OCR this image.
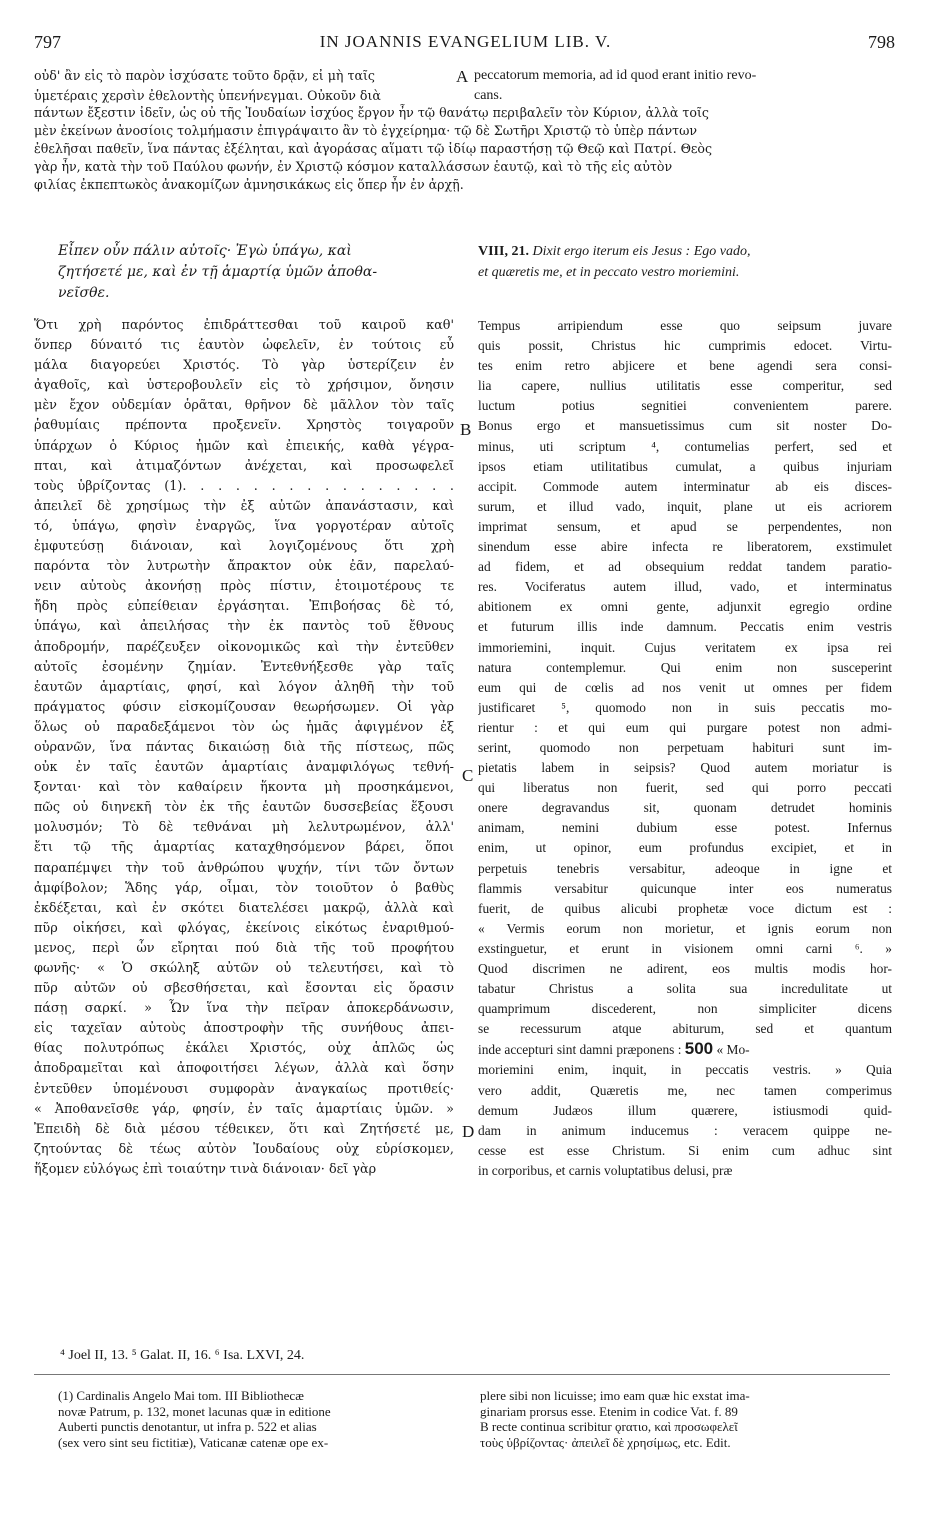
797	IN JOANNIS EVANGELIUM LIB. V.	798
οὐδ' ἂν εἰς τὸ παρὸν ἰσχύσατε τοῦτο δρᾷν, εἰ μὴ ταῖς
ὑμετέραις χερσὶν ἐθελοντὴς ὑπενήνεγμαι. Οὐκοῦν διὰ
A peccatorum memoria, ad id quod erant initio revo-
cans.
πάντων ἔξεστιν ἰδεῖν, ὡς οὐ τῆς Ἰουδαίων ἰσχύος ἔργον ἦν τῷ θανάτῳ περιβαλεῖν τὸν Κύριον, ἀλλὰ τοῖς
μὲν ἐκείνων ἀνοσίοις τολμήμασιν ἐπιγράψαιτο ἂν τὸ ἐγχείρημα· τῷ δὲ Σωτῆρι Χριστῷ τὸ ὑπὲρ πάντων
ἐθελῆσαι παθεῖν, ἵνα πάντας ἐξέληται, καὶ ἀγοράσας αἵματι τῷ ἰδίῳ παραστήσῃ τῷ Θεῷ καὶ Πατρί. Θεὸς
γὰρ ἦν, κατὰ τὴν τοῦ Παύλου φωνήν, ἐν Χριστῷ κόσμον καταλλάσσων ἑαυτῷ, καὶ τὸ τῆς εἰς αὐτὸν
φιλίας ἐκπεπτωκὸς ἀνακομίζων ἀμνησικάκως εἰς ὅπερ ἦν ἐν ἀρχῇ.
Εἶπεν οὖν πάλιν αὐτοῖς· Ἐγὼ ὑπάγω, καὶ
ζητήσετέ με, καὶ ἐν τῇ ἁμαρτίᾳ ὑμῶν ἀποθα-
νεῖσθε.
VIII, 21. Dixit ergo iterum eis Jesus : Ego vado,
et quæretis me, et in peccato vestro moriemini.
Ὅτι χρὴ παρόντος ἐπιδράττεσθαι τοῦ καιροῦ καθ'
ὅνπερ δύναιτό τις ἑαυτὸν ὠφελεῖν, ἐν τούτοις εὖ
μάλα διαγορεύει Χριστός. Τὸ γὰρ ὑστερίζειν ἐν
ἀγαθοῖς, καὶ ὑστεροβουλεῖν εἰς τὸ χρήσιμον, ὄνησιν
μὲν ἔχον οὐδεμίαν ὁρᾶται, θρῆνον δὲ μᾶλλον τὸν ταῖς
ῥαθυμίαις πρέποντα προξενεῖν. Χρηστὸς τοιγαροῦν
ὑπάρχων ὁ Κύριος ἡμῶν καὶ ἐπιεικής, καθὰ γέγρα-
πται, καὶ ἀτιμαζόντων ἀνέχεται, καὶ προσωφελεῖ
τοὺς ὑβρίζοντας (1). . . . . . . . . . . . . . . .
ἀπειλεῖ δὲ χρησίμως τὴν ἐξ αὐτῶν ἀπανάστασιν, καὶ
τό, ὑπάγω, φησὶν ἐναργῶς, ἵνα γοργοτέραν αὐτοῖς
ἐμφυτεύσῃ διάνοιαν, καὶ λογιζομένους ὅτι χρὴ
παρόντα τὸν λυτρωτὴν ἄπρακτον οὐκ ἐᾶν, παρελαύ-
νειν αὐτοὺς ἀκονήσῃ πρὸς πίστιν, ἑτοιμοτέρους τε
ἤδη πρὸς εὐπείθειαν ἐργάσηται. Ἐπιβοήσας δὲ τό,
ὑπάγω, καὶ ἀπειλήσας τὴν ἐκ παντὸς τοῦ ἔθνους
ἀποδρομήν, παρέζευξεν οἰκονομικῶς καὶ τὴν ἐντεῦθεν
αὐτοῖς ἐσομένην ζημίαν. Ἐντεθνήξεσθε γὰρ ταῖς
ἑαυτῶν ἁμαρτίαις, φησί, καὶ λόγον ἀληθῆ τὴν τοῦ
πράγματος φύσιν εἰσκομίζουσαν θεωρήσωμεν. Οἱ γὰρ
ὅλως οὐ παραδεξάμενοι τὸν ὡς ἡμᾶς ἀφιγμένον ἐξ
οὐρανῶν, ἵνα πάντας δικαιώσῃ διὰ τῆς πίστεως, πῶς
οὐκ ἐν ταῖς ἑαυτῶν ἁμαρτίαις ἀναμφιλόγως τεθνή-
ξονται· καὶ τὸν καθαίρειν ἥκοντα μὴ προσηκάμενοι,
πῶς οὐ διηνεκῆ τὸν ἐκ τῆς ἑαυτῶν δυσσεβείας ἕξουσι
μολυσμόν; Τὸ δὲ τεθνάναι μὴ λελυτρωμένον, ἀλλ'
ἔτι τῷ τῆς ἁμαρτίας καταχθησόμενον βάρει, ὅποι
παραπέμψει τὴν τοῦ ἀνθρώπου ψυχήν, τίνι τῶν ὄντων
ἀμφίβολον; Ἅδης γάρ, οἶμαι, τὸν τοιοῦτον ὁ βαθὺς
ἐκδέξεται, καὶ ἐν σκότει διατελέσει μακρῷ, ἀλλὰ καὶ
πῦρ οἰκήσει, καὶ φλόγας, ἐκείνοις εἰκότως ἐναριθμού-
μενος, περὶ ὧν εἴρηται πού διὰ τῆς τοῦ προφήτου
φωνῆς· « Ὁ σκώληξ αὐτῶν οὐ τελευτήσει, καὶ τὸ
πῦρ αὐτῶν οὐ σβεσθήσεται, καὶ ἔσονται εἰς ὅρασιν
πάσῃ σαρκί. » Ὧν ἵνα τὴν πεῖραν ἀποκερδάνωσιν,
εἰς ταχεῖαν αὐτοὺς ἀποστροφὴν τῆς συνήθους ἀπει-
θίας πολυτρόπως ἐκάλει Χριστός, οὐχ ἁπλῶς ὡς
ἀποδραμεῖται καὶ ἀποφοιτήσει λέγων, ἀλλὰ καὶ ὅσην
ἐντεῦθεν ὑπομένουσι συμφορὰν ἀναγκαίως προτιθείς·
« Ἀποθανεῖσθε γάρ, φησίν, ἐν ταῖς ἁμαρτίαις ὑμῶν. »
Ἐπειδὴ δὲ διὰ μέσου τέθεικεν, ὅτι καὶ Ζητήσετέ με,
ζητούντας δὲ τέως αὐτὸν Ἰουδαίους οὐχ εὑρίσκομεν,
ἥξομεν εὐλόγως ἐπὶ τοιαύτην τινὰ διάνοιαν· δεῖ γὰρ
B
C
D
Tempus arripiendum esse quo seipsum juvare
quis possit, Christus hic cumprimis edocet. Virtu-
tes enim retro abjicere et bene agendi sera consi-
lia capere, nullius utilitatis esse comperitur, sed
luctum potius segnitiei convenientem parere.
Bonus ergo et mansuetissimus cum sit noster Do-
minus, uti scriptum ⁴, contumelias perfert, sed et
ipsos etiam utilitatibus cumulat, a quibus injuriam
accipit. Commode autem interminatur ab eis disces-
surum, et illud vado, inquit, plane ut eis acriorem
imprimat sensum, et apud se perpendentes, non
sinendum esse abire infecta re liberatorem, exstimulet
ad fidem, et ad obsequium reddat tandem paratio-
res. Vociferatus autem illud, vado, et interminatus
abitionem ex omni gente, adjunxit egregio ordine
et futurum illis inde damnum. Peccatis enim vestris
immoriemini, inquit. Cujus veritatem ex ipsa rei
natura contemplemur. Qui enim non susceperint
eum qui de cœlis ad nos venit ut omnes per fidem
justificaret ⁵, quomodo non in suis peccatis mo-
rientur : et qui eum qui purgare potest non admi-
serint, quomodo non perpetuam habituri sunt im-
pietatis labem in seipsis? Quod autem moriatur is
qui liberatus non fuerit, sed qui porro peccati
onere degravandus sit, quonam detrudet hominis
animam, nemini dubium esse potest. Infernus
enim, ut opinor, eum profundus excipiet, et in
perpetuis tenebris versabitur, adeoque in igne et
flammis versabitur quicunque inter eos numeratus
fuerit, de quibus alicubi prophetæ voce dictum est :
« Vermis eorum non morietur, et ignis eorum non
exstinguetur, et erunt in visionem omni carni ⁶. »
Quod discrimen ne adirent, eos multis modis hor-
tabatur Christus a solita sua incredulitate ut
quamprimum discederent, non simpliciter dicens
se recessurum atque abiturum, sed et quantum
inde accepturi sint damni præponens : 500 « Mo-
moriemini enim, inquit, in peccatis vestris. » Quia
vero addit, Quæretis me, nec tamen comperimus
demum Judæos illum quærere, istiusmodi quid-
dam in animum inducemus : veracem quippe ne-
cesse est esse Christum. Si enim cum adhuc sint
in corporibus, et carnis voluptatibus delusi, præ
⁴ Joel II, 13. ⁵ Galat. II, 16. ⁶ Isa. LXVI, 24.
(1) Cardinalis Angelo Mai tom. III Bibliothecæ
novæ Patrum, p. 132, monet lacunas quæ in editione
Auberti punctis denotantur, ut infra p. 522 et alias
(sex vero sint seu fictitiæ), Vaticanæ catenæ ope ex-
plere sibi non licuisse; imo eam quæ hic exstat ima-
ginariam prorsus esse. Etenim in codice Vat. f. 89
B recte continua scribitur ǫrατιο, καὶ προσωφελεῖ
τοὺς ὑβρίζοντας· ἀπειλεῖ δὲ χρησίμως, etc. Edit.
